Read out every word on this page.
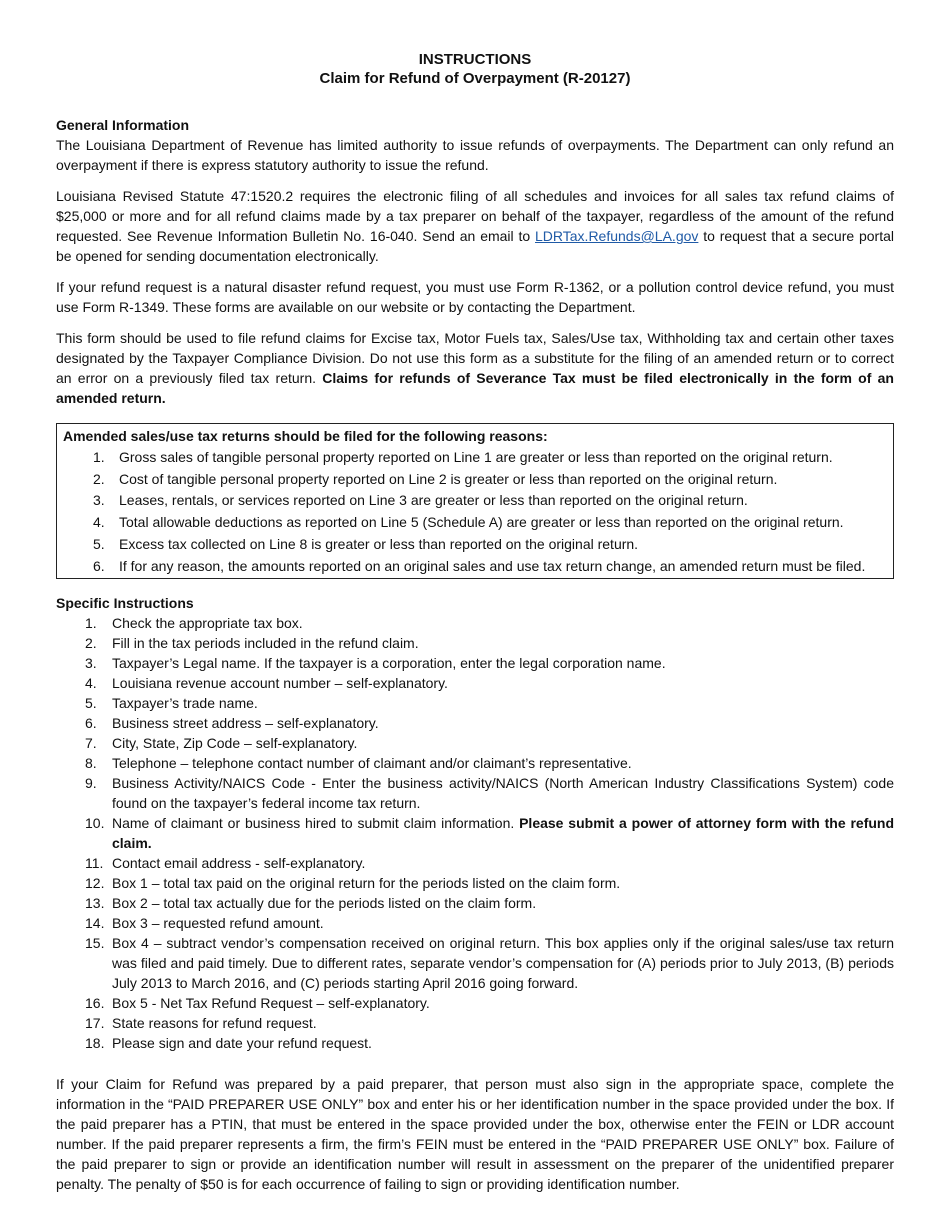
INSTRUCTIONS
Claim for Refund of Overpayment (R-20127)
General Information

The Louisiana Department of Revenue has limited authority to issue refunds of overpayments. The Department can only refund an overpayment if there is express statutory authority to issue the refund.

Louisiana Revised Statute 47:1520.2 requires the electronic filing of all schedules and invoices for all sales tax refund claims of $25,000 or more and for all refund claims made by a tax preparer on behalf of the taxpayer, regardless of the amount of the refund requested. See Revenue Information Bulletin No. 16-040. Send an email to LDRTax.Refunds@LA.gov to request that a secure portal be opened for sending documentation electronically.

If your refund request is a natural disaster refund request, you must use Form R-1362, or a pollution control device refund, you must use Form R-1349. These forms are available on our website or by contacting the Department.

This form should be used to file refund claims for Excise tax, Motor Fuels tax, Sales/Use tax, Withholding tax and certain other taxes designated by the Taxpayer Compliance Division. Do not use this form as a substitute for the filing of an amended return or to correct an error on a previously filed tax return. Claims for refunds of Severance Tax must be filed electronically in the form of an amended return.

Amended sales/use tax returns should be filed for the following reasons:
1.	Gross sales of tangible personal property reported on Line 1 are greater or less than reported on the original return.
2.	Cost of tangible personal property reported on Line 2 is greater or less than reported on the original return.
3.	Leases, rentals, or services reported on Line 3 are greater or less than reported on the original return.
4.	Total allowable deductions as reported on Line 5 (Schedule A) are greater or less than reported on the original return.
5.	Excess tax collected on Line 8 is greater or less than reported on the original return.
6.	If for any reason, the amounts reported on an original sales and use tax return change, an amended return must be filed.
Specific Instructions
1.	Check the appropriate tax box.
2.	Fill in the tax periods included in the refund claim.
3.	Taxpayer’s Legal name. If the taxpayer is a corporation, enter the legal corporation name.
4.	Louisiana revenue account number – self-explanatory.
5.	Taxpayer’s trade name.
6.	Business street address – self-explanatory.
7.	City, State, Zip Code – self-explanatory.
8.	Telephone – telephone contact number of claimant and/or claimant’s representative.
9.	Business Activity/NAICS Code - Enter the business activity/NAICS (North American Industry Classifications System) code found on the taxpayer’s federal income tax return.
10. Name of claimant or business hired to submit claim information. Please submit a power of attorney form with the refund claim.
11. Contact email address - self-explanatory.
12. Box 1 – total tax paid on the original return for the periods listed on the claim form.
13. Box 2 – total tax actually due for the periods listed on the claim form.
14. Box 3 – requested refund amount.
15. Box 4 – subtract vendor’s compensation received on original return. This box applies only if the original sales/use tax return was filed and paid timely. Due to different rates, separate vendor’s compensation for (A) periods prior to July 2013, (B) periods July 2013 to March 2016, and (C) periods starting April 2016 going forward.
16. Box 5 - Net Tax Refund Request – self-explanatory.
17. State reasons for refund request.
18. Please sign and date your refund request.

If your Claim for Refund was prepared by a paid preparer, that person must also sign in the appropriate space, complete the information in the “PAID PREPARER USE ONLY” box and enter his or her identification number in the space provided under the box. If the paid preparer has a PTIN, that must be entered in the space provided under the box, otherwise enter the FEIN or LDR account number. If the paid preparer represents a firm, the firm’s FEIN must be entered in the “PAID PREPARER USE ONLY” box. Failure of the paid preparer to sign or provide an identification number will result in assessment on the preparer of the unidentified preparer penalty. The penalty of $50 is for each occurrence of failing to sign or providing identification number.
